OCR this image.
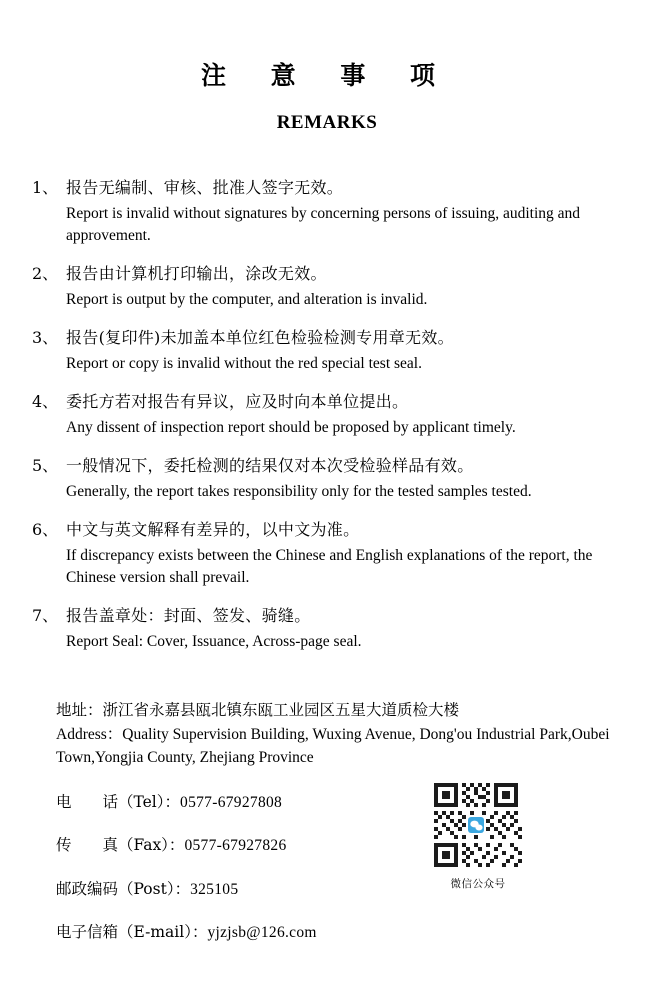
注 意 事 项
REMARKS
1、 报告无编制、审核、批准人签字无效。
Report is invalid without signatures by concerning persons of issuing, auditing and approvement.
2、 报告由计算机打印输出，涂改无效。
Report is output by the computer, and alteration is invalid.
3、 报告(复印件)未加盖本单位红色检验检测专用章无效。
Report or copy is invalid without the red special test seal.
4、 委托方若对报告有异议，应及时向本单位提出。
Any dissent of inspection report should be proposed by applicant timely.
5、 一般情况下，委托检测的结果仅对本次受检验样品有效。
Generally, the report takes responsibility only for the tested samples tested.
6、 中文与英文解释有差异的，以中文为准。
If discrepancy exists between the Chinese and English explanations of the report, the Chinese version shall prevail.
7、 报告盖章处：封面、签发、骑缝。
Report Seal: Cover, Issuance, Across-page seal.
地址：浙江省永嘉县瓯北镇东瓯工业园区五星大道质检大楼
Address：Quality Supervision Building, Wuxing Avenue, Dong'ou Industrial Park,Oubei Town,Yongjia County, Zhejiang Province
电　　话（Tel）：0577-67927808
传　　真（Fax）：0577-67927826
邮政编码（Post）：325105
电子信箱（E-mail）：yjzjsb@126.com
微信公众号
